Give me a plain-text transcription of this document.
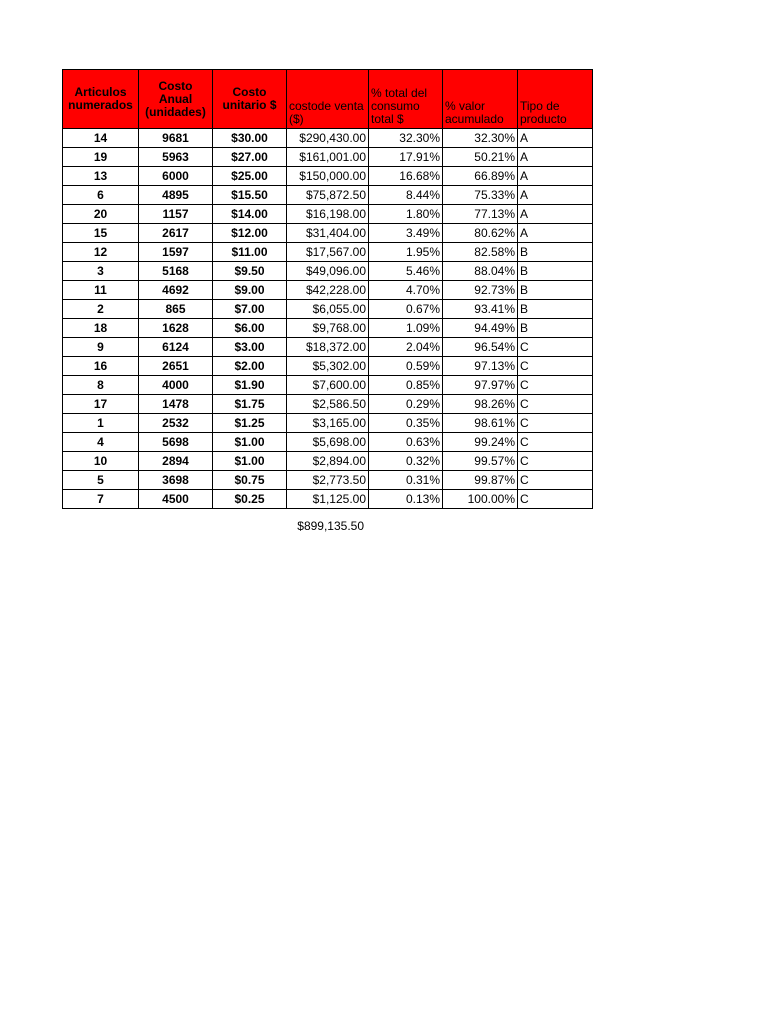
Articulos numerados	Costo Anual (unidades)	Costo unitario $	costode venta ($)	% total del consumo total $	% valor acumulado	Tipo de producto
14	9681	$30.00	$290,430.00	32.30%	32.30%	A
19	5963	$27.00	$161,001.00	17.91%	50.21%	A
13	6000	$25.00	$150,000.00	16.68%	66.89%	A
6	4895	$15.50	$75,872.50	8.44%	75.33%	A
20	1157	$14.00	$16,198.00	1.80%	77.13%	A
15	2617	$12.00	$31,404.00	3.49%	80.62%	A
12	1597	$11.00	$17,567.00	1.95%	82.58%	B
3	5168	$9.50	$49,096.00	5.46%	88.04%	B
11	4692	$9.00	$42,228.00	4.70%	92.73%	B
2	865	$7.00	$6,055.00	0.67%	93.41%	B
18	1628	$6.00	$9,768.00	1.09%	94.49%	B
9	6124	$3.00	$18,372.00	2.04%	96.54%	C
16	2651	$2.00	$5,302.00	0.59%	97.13%	C
8	4000	$1.90	$7,600.00	0.85%	97.97%	C
17	1478	$1.75	$2,586.50	0.29%	98.26%	C
1	2532	$1.25	$3,165.00	0.35%	98.61%	C
4	5698	$1.00	$5,698.00	0.63%	99.24%	C
10	2894	$1.00	$2,894.00	0.32%	99.57%	C
5	3698	$0.75	$2,773.50	0.31%	99.87%	C
7	4500	$0.25	$1,125.00	0.13%	100.00%	C
$899,135.50
